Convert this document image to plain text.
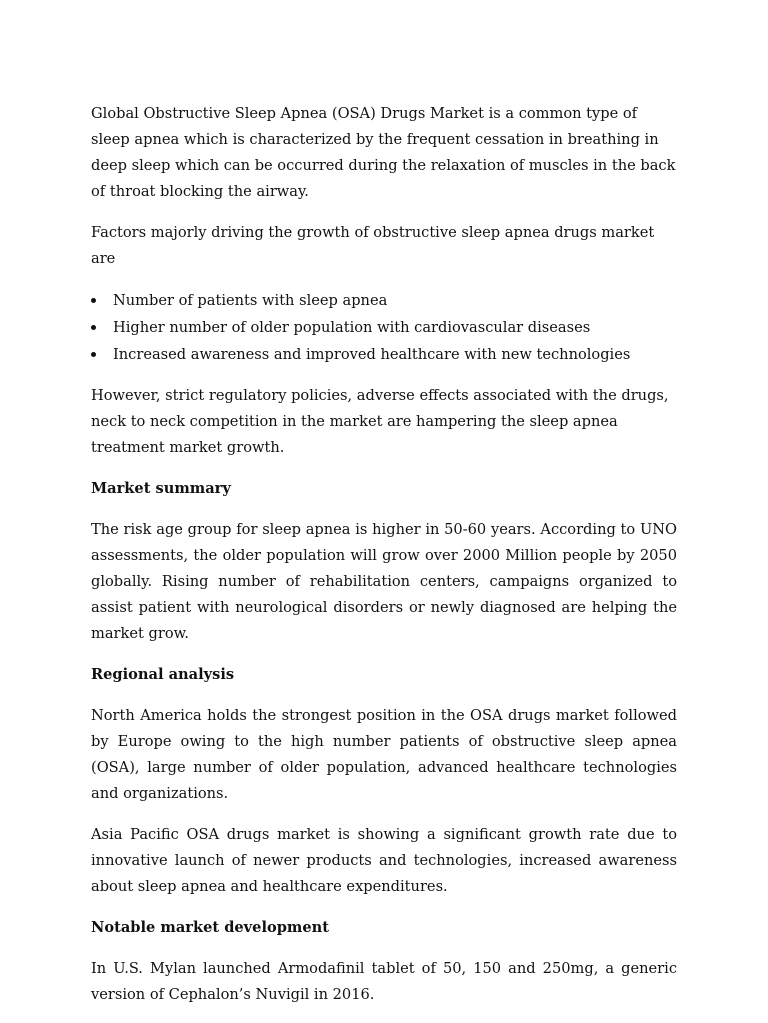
Global Obstructive Sleep Apnea (OSA) Drugs Market is a common type of sleep apnea which is characterized by the frequent cessation in breathing in deep sleep which can be occurred during the relaxation of muscles in the back of throat blocking the airway.

Factors majorly driving the growth of obstructive sleep apnea drugs market are

Number of patients with sleep apnea
Higher number of older population with cardiovascular diseases
Increased awareness and improved healthcare with new technologies

However, strict regulatory policies, adverse effects associated with the drugs, neck to neck competition in the market are hampering the sleep apnea treatment market growth.

Market summary

The risk age group for sleep apnea is higher in 50-60 years. According to UNO assessments, the older population will grow over 2000 Million people by 2050 globally. Rising number of rehabilitation centers, campaigns organized to assist patient with neurological disorders or newly diagnosed are helping the market grow.

Regional analysis

North America holds the strongest position in the OSA drugs market followed by Europe owing to the high number patients of obstructive sleep apnea (OSA), large number of older population, advanced healthcare technologies and organizations.

Asia Pacific OSA drugs market is showing a significant growth rate due to innovative launch of newer products and technologies, increased awareness about sleep apnea and healthcare expenditures.

Notable market development

In U.S. Mylan launched Armodafinil tablet of 50, 150 and 250mg, a generic version of Cephalon’s Nuvigil in 2016.
